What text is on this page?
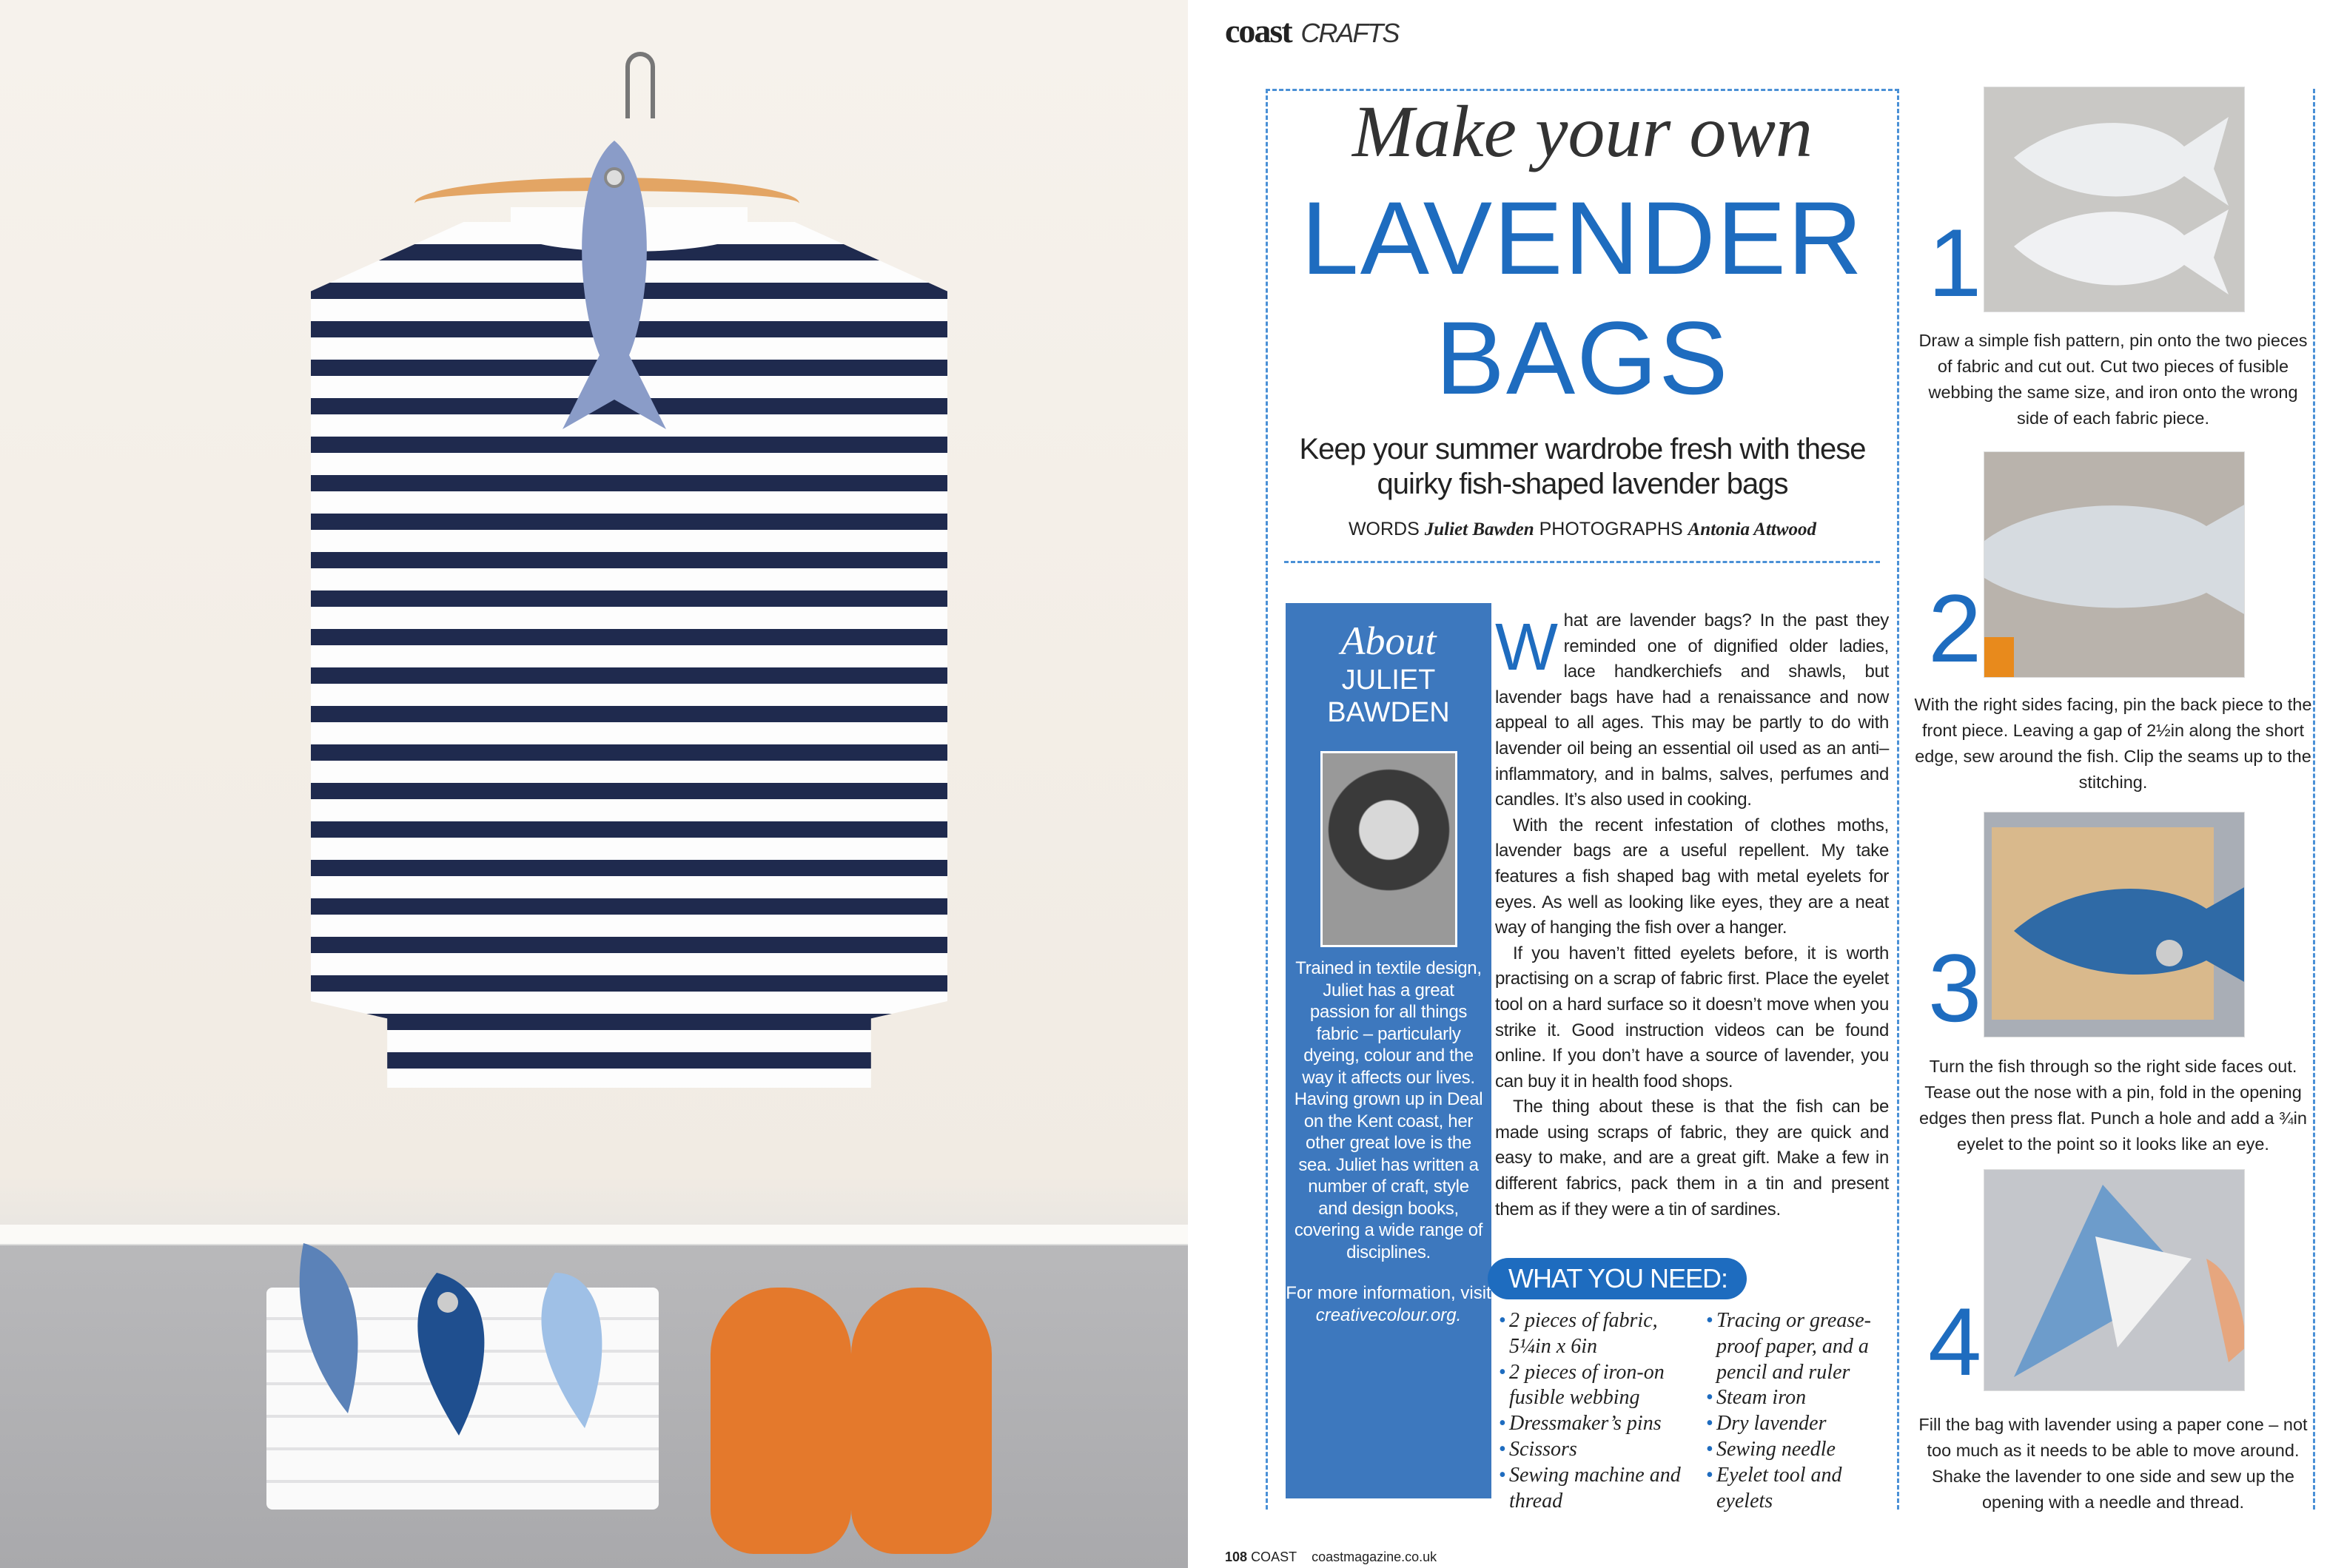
coast CRAFTS
Make your own
LAVENDER
BAGS
Keep your summer wardrobe fresh with these quirky fish-shaped lavender bags
WORDS Juliet Bawden PHOTOGRAPHS Antonia Attwood
About
JULIET
BAWDEN
Trained in textile design, Juliet has a great passion for all things fabric – particularly dyeing, colour and the way it affects our lives. Having grown up in Deal on the Kent coast, her other great love is the sea. Juliet has written a number of craft, style and design books, covering a wide range of disciplines.
For more information, visit
creativecolour.org.

What are lavender bags? In the past they reminded one of dignified older ladies, lace handkerchiefs and shawls, but lavender bags have had a renaissance and now appeal to all ages. This may be partly to do with lavender oil being an essential oil used as an anti–inflammatory, and in balms, salves, perfumes and candles. It’s also used in cooking.

With the recent infestation of clothes moths, lavender bags are a useful repellent. My take features a fish shaped bag with metal eyelets for eyes. As well as looking like eyes, they are a neat way of hanging the fish over a hanger.

If you haven’t fitted eyelets before, it is worth practising on a scrap of fabric first. Place the eyelet tool on a hard surface so it doesn’t move when you strike it. Good instruction videos can be found online. If you don’t have a source of lavender, you can buy it in health food shops.

The thing about these is that the fish can be made using scraps of fabric, they are quick and easy to make, and are a great gift. Make a few in different fabrics, pack them in a tin and present them as if they were a tin of sardines.

WHAT YOU NEED:
• 2 pieces of fabric, 5¼in x 6in
• 2 pieces of iron-on fusible webbing
• Dressmaker’s pins
• Scissors
• Sewing machine and thread
• Tracing or grease-proof paper, and a pencil and ruler
• Steam iron
• Dry lavender
• Sewing needle
• Eyelet tool and eyelets
1
Draw a simple fish pattern, pin onto the two pieces of fabric and cut out. Cut two pieces of fusible webbing the same size, and iron onto the wrong side of each fabric piece.
2
With the right sides facing, pin the back piece to the front piece. Leaving a gap of 2½in along the short edge, sew around the fish. Clip the seams up to the stitching.
3
Turn the fish through so the right side faces out. Tease out the nose with a pin, fold in the opening edges then press flat. Punch a hole and add a ¾in eyelet to the point so it looks like an eye.
4
Fill the bag with lavender using a paper cone – not too much as it needs to be able to move around. Shake the lavender to one side and sew up the opening with a needle and thread.
108 COAST coastmagazine.co.uk
